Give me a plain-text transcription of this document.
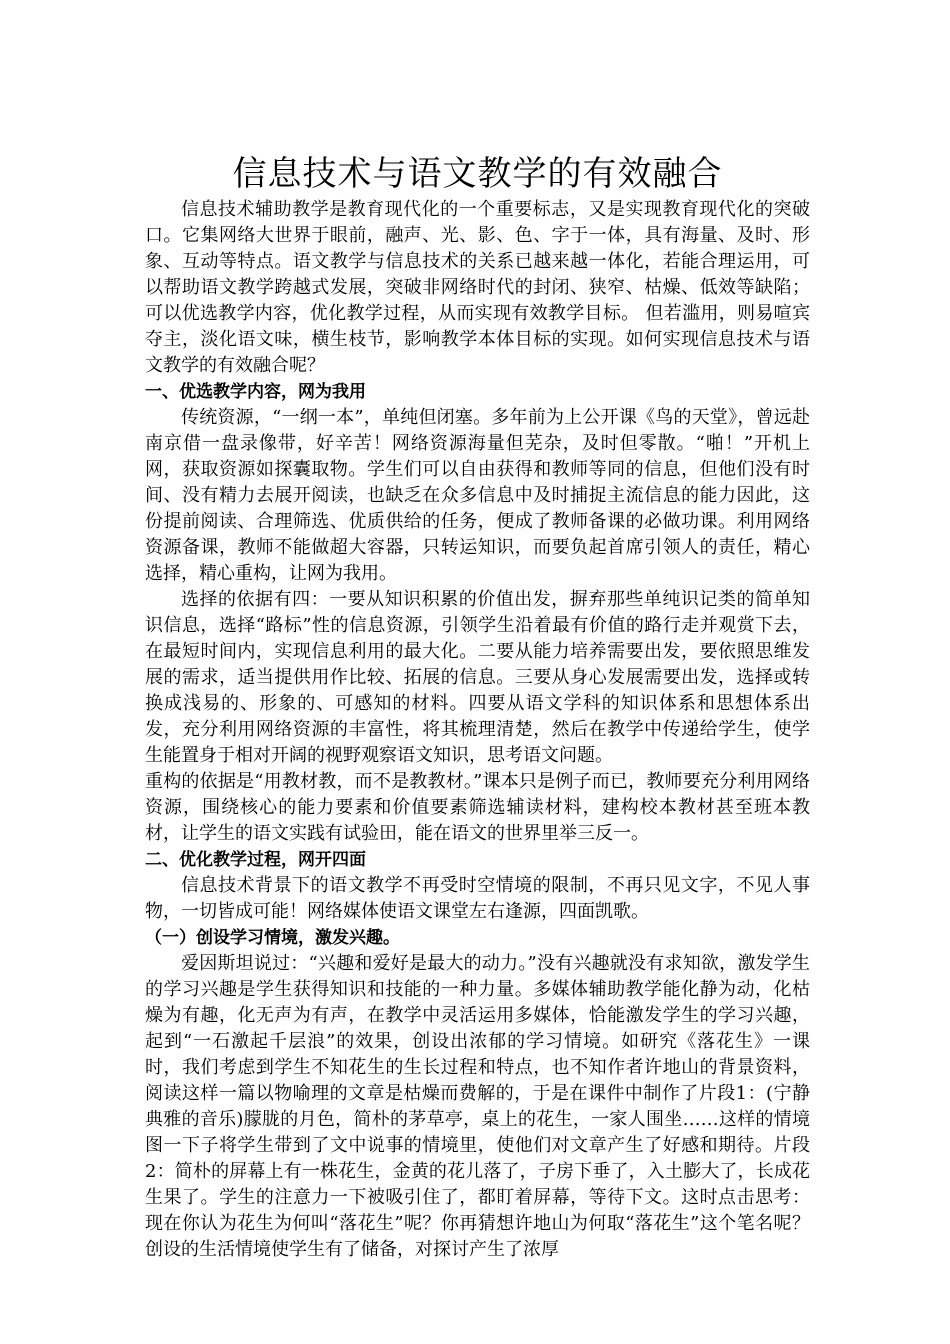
信息技术与语文教学的有效融合

信息技术辅助教学是教育现代化的一个重要标志，又是实现教育现代化的突破口。它集网络大世界于眼前，融声、光、影、色、字于一体，具有海量、及时、形象、互动等特点。语文教学与信息技术的关系已越来越一体化，若能合理运用，可以帮助语文教学跨越式发展，突破非网络时代的封闭、狭窄、枯燥、低效等缺陷；可以优选教学内容，优化教学过程，从而实现有效教学目标。 但若滥用，则易喧宾夺主，淡化语文味，横生枝节，影响教学本体目标的实现。如何实现信息技术与语文教学的有效融合呢？

一、优选教学内容，网为我用

传统资源，“一纲一本”，单纯但闭塞。多年前为上公开课《鸟的天堂》，曾远赴南京借一盘录像带，好辛苦！网络资源海量但芜杂，及时但零散。“啪！”开机上网，获取资源如探囊取物。学生们可以自由获得和教师等同的信息，但他们没有时间、没有精力去展开阅读，也缺乏在众多信息中及时捕捉主流信息的能力因此，这份提前阅读、合理筛选、优质供给的任务，便成了教师备课的必做功课。利用网络资源备课，教师不能做超大容器，只转运知识，而要负起首席引领人的责任，精心选择，精心重构，让网为我用。

选择的依据有四：一要从知识积累的价值出发，摒弃那些单纯识记类的简单知识信息，选择“路标”性的信息资源，引领学生沿着最有价值的路行走并观赏下去，在最短时间内，实现信息利用的最大化。二要从能力培养需要出发，要依照思维发展的需求，适当提供用作比较、拓展的信息。三要从身心发展需要出发，选择或转换成浅易的、形象的、可感知的材料。四要从语文学科的知识体系和思想体系出发，充分利用网络资源的丰富性，将其梳理清楚，然后在教学中传递给学生，使学生能置身于相对开阔的视野观察语文知识，思考语文问题。

重构的依据是“用教材教，而不是教教材。”课本只是例子而已，教师要充分利用网络资源，围绕核心的能力要素和价值要素筛选辅读材料，建构校本教材甚至班本教材，让学生的语文实践有试验田，能在语文的世界里举三反一。

二、优化教学过程，网开四面

信息技术背景下的语文教学不再受时空情境的限制，不再只见文字，不见人事物，一切皆成可能！网络媒体使语文课堂左右逢源，四面凯歌。

（一）创设学习情境，激发兴趣。

爱因斯坦说过：“兴趣和爱好是最大的动力。”没有兴趣就没有求知欲，激发学生的学习兴趣是学生获得知识和技能的一种力量。多媒体辅助教学能化静为动，化枯燥为有趣，化无声为有声，在教学中灵活运用多媒体，恰能激发学生的学习兴趣，起到“一石激起千层浪”的效果，创设出浓郁的学习情境。如研究《落花生》一课时，我们考虑到学生不知花生的生长过程和特点，也不知作者许地山的背景资料，阅读这样一篇以物喻理的文章是枯燥而费解的，于是在课件中制作了片段1：(宁静典雅的音乐)朦胧的月色，简朴的茅草亭，桌上的花生，一家人围坐……这样的情境图一下子将学生带到了文中说事的情境里，使他们对文章产生了好感和期待。片段2：简朴的屏幕上有一株花生，金黄的花儿落了，子房下垂了，入土膨大了，长成花生果了。学生的注意力一下被吸引住了，都盯着屏幕，等待下文。这时点击思考：现在你认为花生为何叫“落花生”呢？你再猜想许地山为何取“落花生”这个笔名呢？创设的生活情境使学生有了储备，对探讨产生了浓厚
